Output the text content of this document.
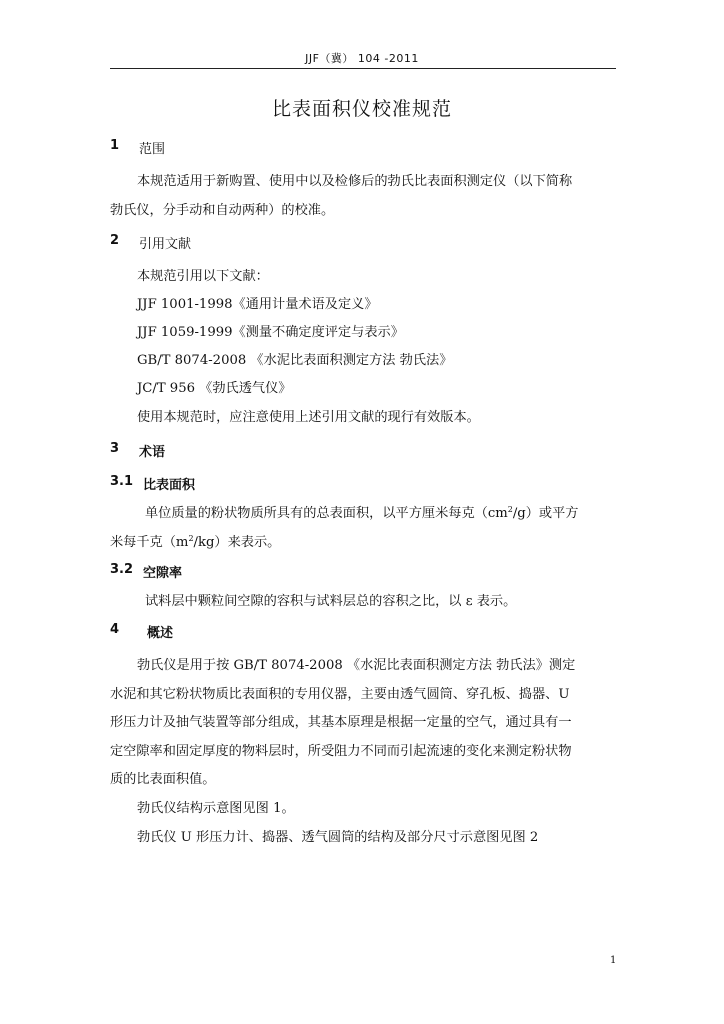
JJF（冀） 104 -2011
比表面积仪校准规范
1 范围
本规范适用于新购置、使用中以及检修后的勃氏比表面积测定仪（以下简称
勃氏仪，分手动和自动两种）的校准。
2 引用文献
本规范引用以下文献：
JJF 1001-1998《通用计量术语及定义》
JJF 1059-1999《测量不确定度评定与表示》
GB/T 8074-2008 《水泥比表面积测定方法 勃氏法》
JC/T 956 《勃氏透气仪》
使用本规范时，应注意使用上述引用文献的现行有效版本。
3 术语
3.1 比表面积
单位质量的粉状物质所具有的总表面积，以平方厘米每克$(cm^2/g)$或平方
米每千克$(m^2/kg)$来表示。
3.2 空隙率
试料层中颗粒间空隙的容积与试料层总的容积之比，以 ε 表示。
4 概述
勃氏仪是用于按 GB/T 8074-2008 《水泥比表面积测定方法 勃氏法》测定
水泥和其它粉状物质比表面积的专用仪器，主要由透气圆筒、穿孔板、捣器、U
形压力计及抽气装置等部分组成，其基本原理是根据一定量的空气，通过具有一
定空隙率和固定厚度的物料层时，所受阻力不同而引起流速的变化来测定粉状物
质的比表面积值。
勃氏仪结构示意图见图 1。
勃氏仪 U 形压力计、捣器、透气圆筒的结构及部分尺寸示意图见图 2
1
